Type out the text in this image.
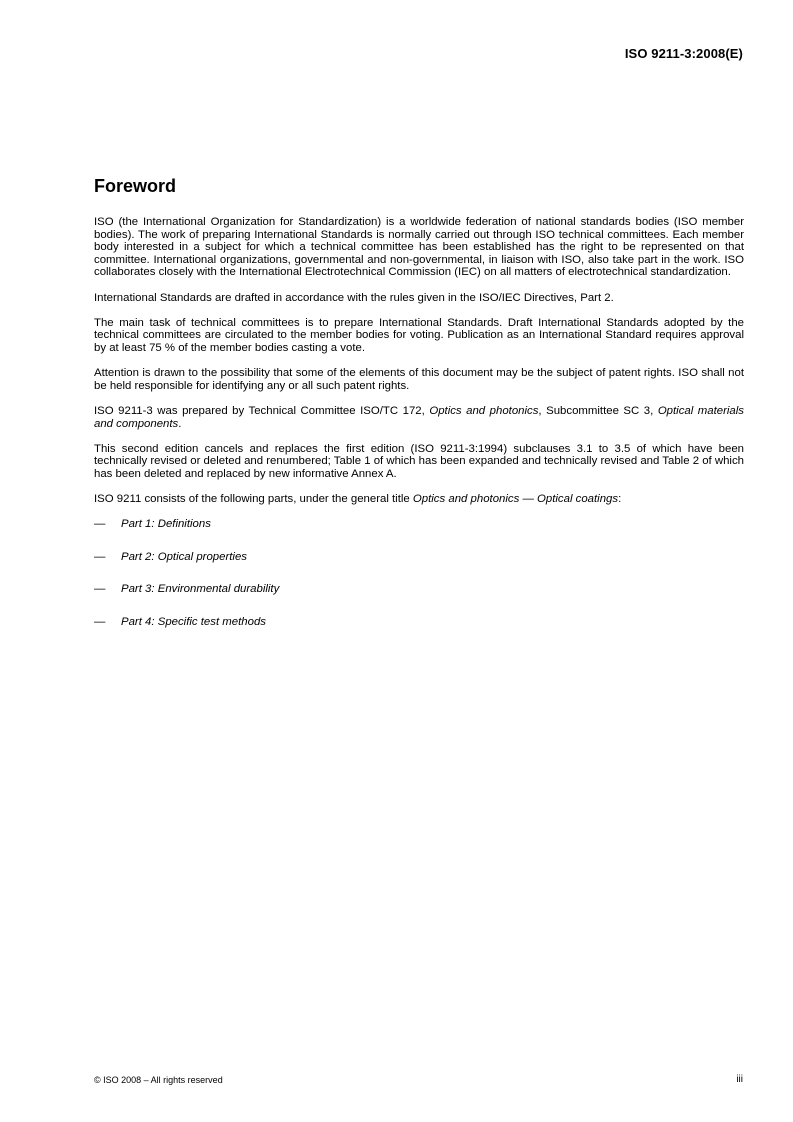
ISO 9211-3:2008(E)
Foreword

ISO (the International Organization for Standardization) is a worldwide federation of national standards bodies (ISO member bodies). The work of preparing International Standards is normally carried out through ISO technical committees. Each member body interested in a subject for which a technical committee has been established has the right to be represented on that committee. International organizations, governmental and non-governmental, in liaison with ISO, also take part in the work. ISO collaborates closely with the International Electrotechnical Commission (IEC) on all matters of electrotechnical standardization.

International Standards are drafted in accordance with the rules given in the ISO/IEC Directives, Part 2.

The main task of technical committees is to prepare International Standards. Draft International Standards adopted by the technical committees are circulated to the member bodies for voting. Publication as an International Standard requires approval by at least 75 % of the member bodies casting a vote.

Attention is drawn to the possibility that some of the elements of this document may be the subject of patent rights. ISO shall not be held responsible for identifying any or all such patent rights.

ISO 9211-3 was prepared by Technical Committee ISO/TC 172, Optics and photonics, Subcommittee SC 3, Optical materials and components.

This second edition cancels and replaces the first edition (ISO 9211-3:1994) subclauses 3.1 to 3.5 of which have been technically revised or deleted and renumbered; Table 1 of which has been expanded and technically revised and Table 2 of which has been deleted and replaced by new informative Annex A.

ISO 9211 consists of the following parts, under the general title Optics and photonics — Optical coatings:

—	Part 1: Definitions
—	Part 2: Optical properties
—	Part 3: Environmental durability
—	Part 4: Specific test methods
© ISO 2008 – All rights reserved	iii
